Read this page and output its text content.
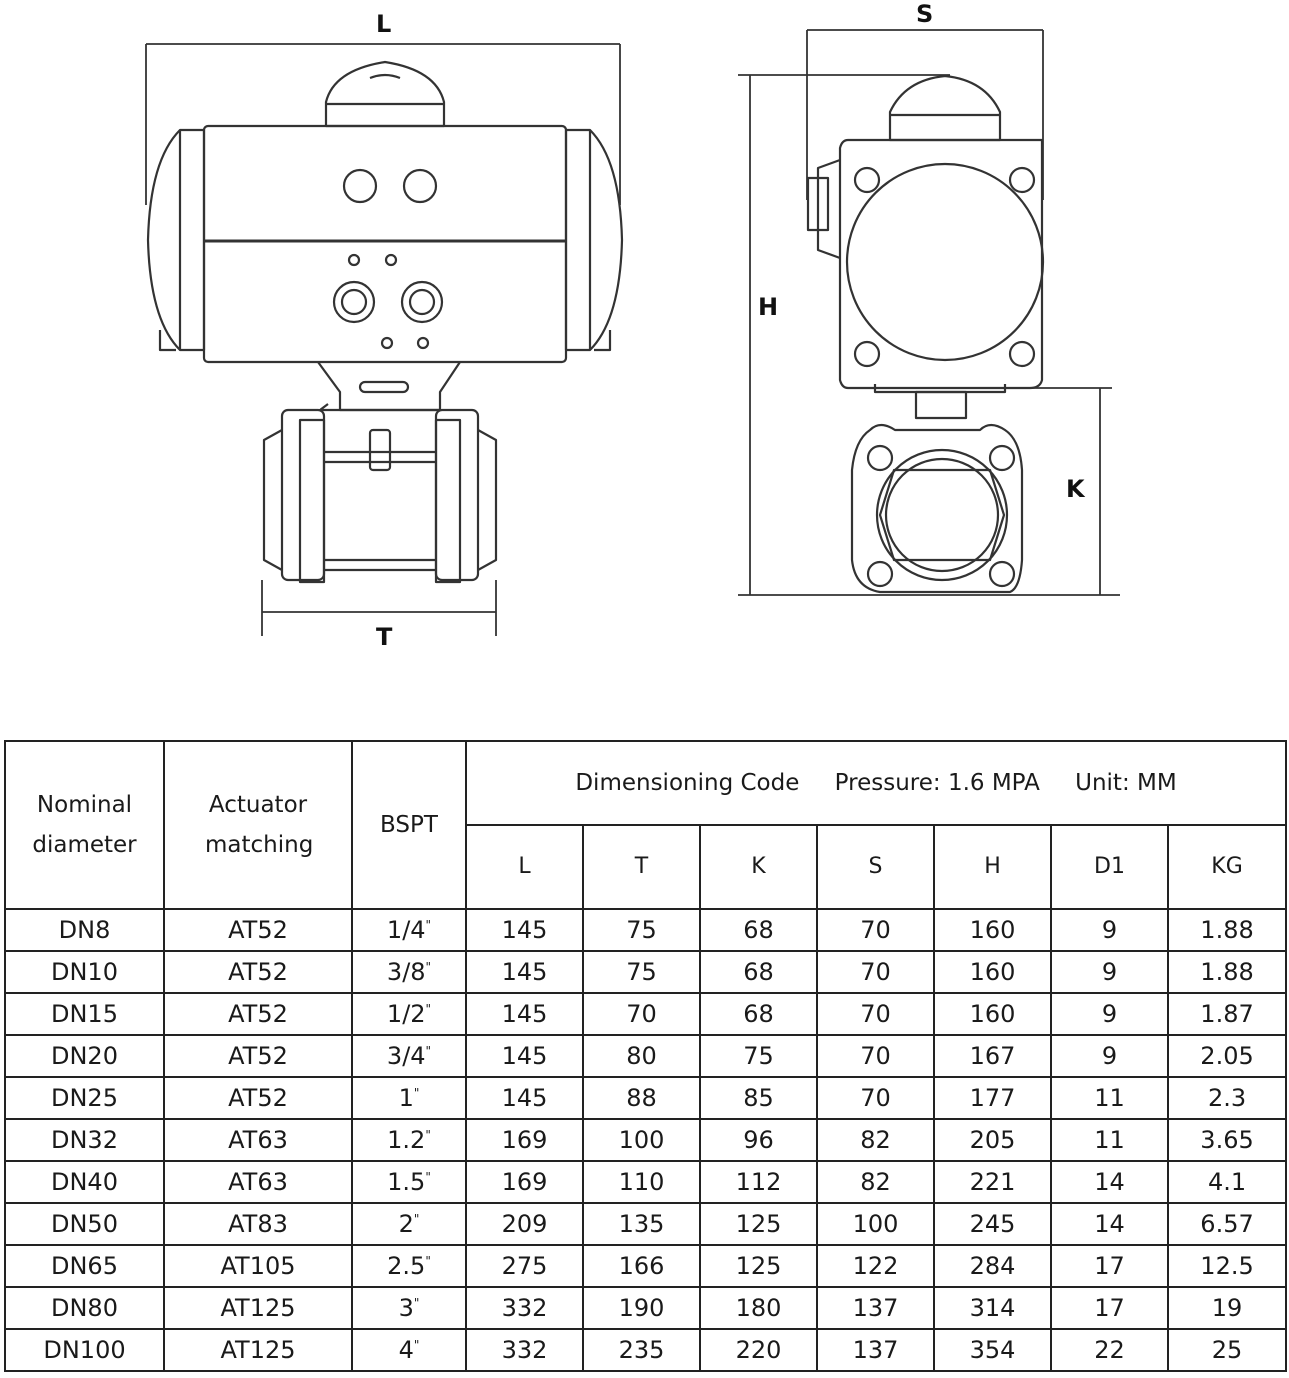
L
T
S
H
K
Nominal diameter	Actuator matching	BSPT	Dimensioning Code Pressure: 1.6 MPA Unit: MM						
			L	T	K	S	H	D1	KG
DN8	AT52	1/4"	145	75	68	70	160	9	1.88
DN10	AT52	3/8"	145	75	68	70	160	9	1.88
DN15	AT52	1/2"	145	70	68	70	160	9	1.87
DN20	AT52	3/4"	145	80	75	70	167	9	2.05
DN25	AT52	1"	145	88	85	70	177	11	2.3
DN32	AT63	1.2"	169	100	96	82	205	11	3.65
DN40	AT63	1.5"	169	110	112	82	221	14	4.1
DN50	AT83	2"	209	135	125	100	245	14	6.57
DN65	AT105	2.5"	275	166	125	122	284	17	12.5
DN80	AT125	3"	332	190	180	137	314	17	19
DN100	AT125	4"	332	235	220	137	354	22	25
